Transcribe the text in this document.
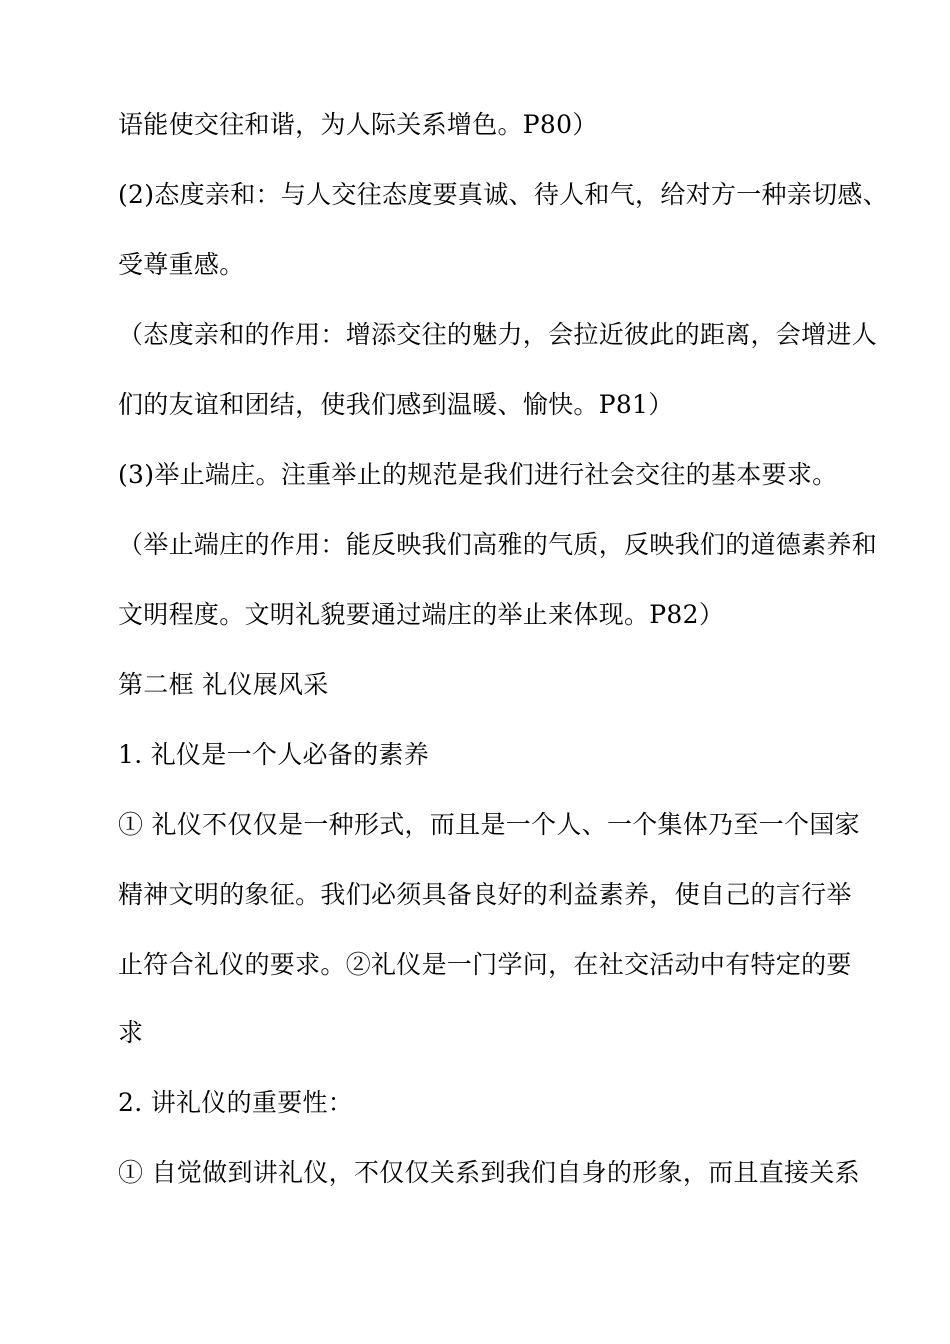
语能使交往和谐，为人际关系增色。P80）
(2)态度亲和：与人交往态度要真诚、待人和气，给对方一种亲切感、
受尊重感。
（态度亲和的作用：增添交往的魅力，会拉近彼此的距离，会增进人
们的友谊和团结，使我们感到温暖、愉快。P81）
(3)举止端庄。注重举止的规范是我们进行社会交往的基本要求。
（举止端庄的作用：能反映我们高雅的气质，反映我们的道德素养和
文明程度。文明礼貌要通过端庄的举止来体现。P82）
第二框 礼仪展风采
1. 礼仪是一个人必备的素养
① 礼仪不仅仅是一种形式，而且是一个人、一个集体乃至一个国家
精神文明的象征。我们必须具备良好的利益素养，使自己的言行举
止符合礼仪的要求。②礼仪是一门学问，在社交活动中有特定的要
求
2. 讲礼仪的重要性：
① 自觉做到讲礼仪，不仅仅关系到我们自身的形象，而且直接关系
